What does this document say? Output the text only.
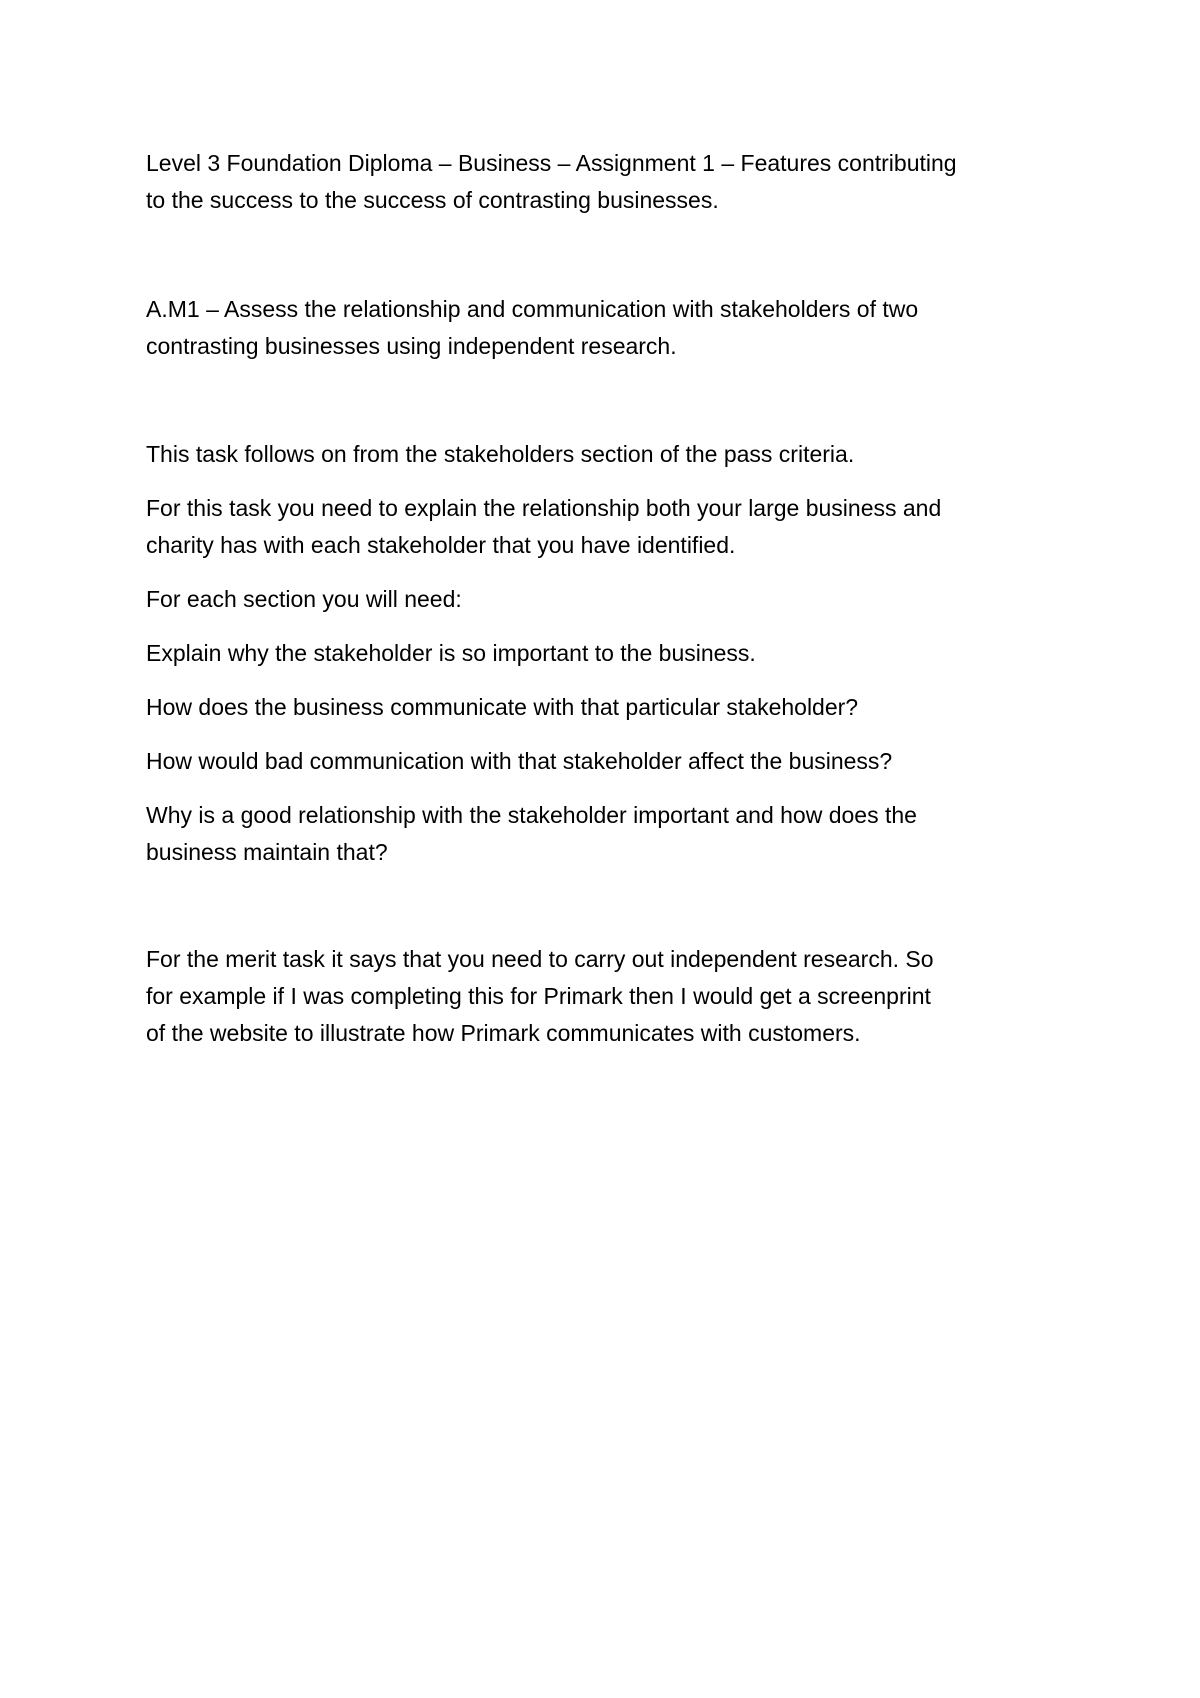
Level 3 Foundation Diploma – Business – Assignment 1 – Features contributing
to the success to the success of contrasting businesses.
A.M1 – Assess the relationship and communication with stakeholders of two
contrasting businesses using independent research.
This task follows on from the stakeholders section of the pass criteria.
For this task you need to explain the relationship both your large business and
charity has with each stakeholder that you have identified.
For each section you will need:
Explain why the stakeholder is so important to the business.
How does the business communicate with that particular stakeholder?
How would bad communication with that stakeholder affect the business?
Why is a good relationship with the stakeholder important and how does the
business maintain that?
For the merit task it says that you need to carry out independent research. So
for example if I was completing this for Primark then I would get a screenprint
of the website to illustrate how Primark communicates with customers.
